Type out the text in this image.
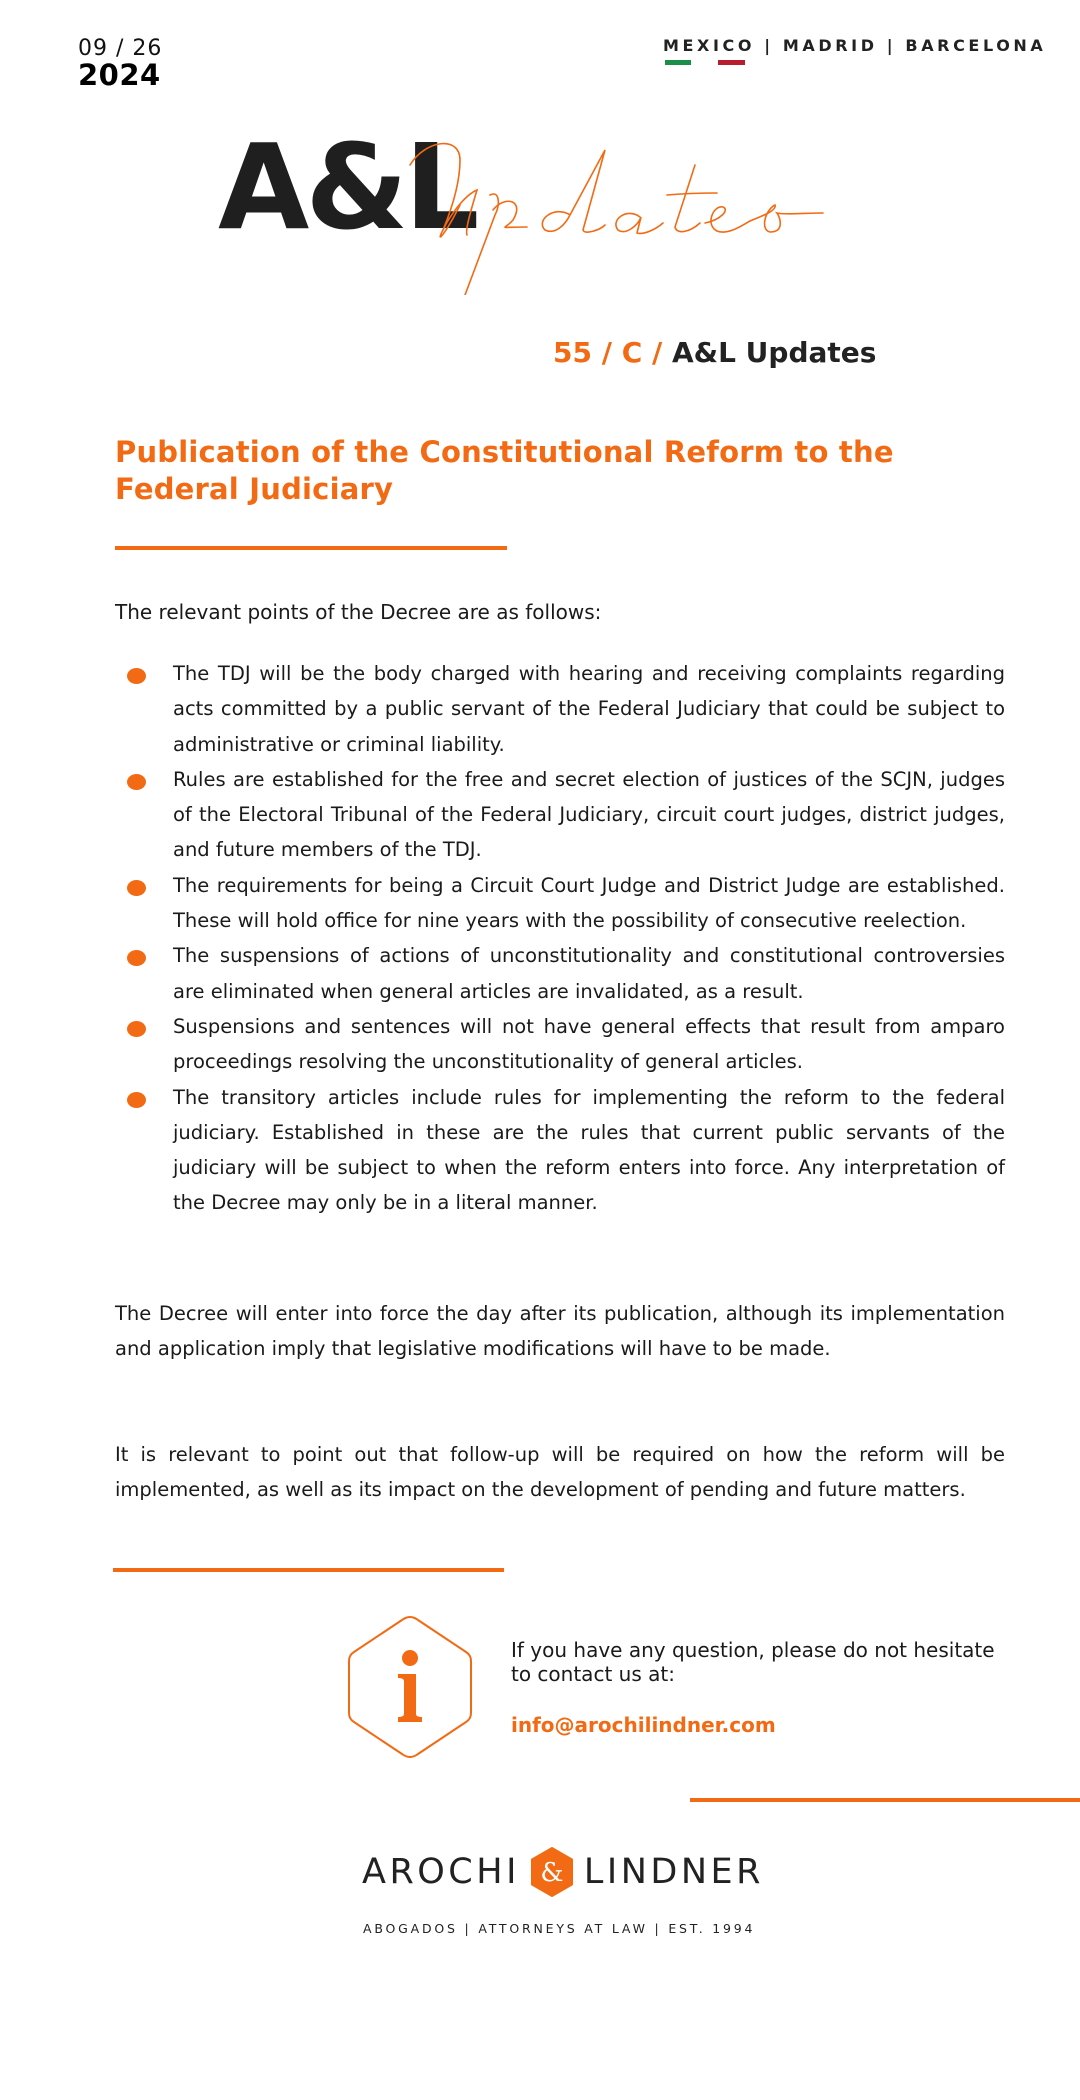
09 / 26
2024
MEXICO | MADRID | BARCELONA
A&L
55 / C / A&L Updates
Publication of the Constitutional Reform to the Federal Judiciary

The relevant points of the Decree are as follows:

The TDJ will be the body charged with hearing and receiving complaints regarding acts committed by a public servant of the Federal Judiciary that could be subject to administrative or criminal liability.
Rules are established for the free and secret election of justices of the SCJN, judges of the Electoral Tribunal of the Federal Judiciary, circuit court judges, district judges, and future members of the TDJ.
The requirements for being a Circuit Court Judge and District Judge are established. These will hold office for nine years with the possibility of consecutive reelection.
The suspensions of actions of unconstitutionality and constitutional controversies are eliminated when general articles are invalidated, as a result.
Suspensions and sentences will not have general effects that result from amparo proceedings resolving the unconstitutionality of general articles.
The transitory articles include rules for implementing the reform to the federal judiciary. Established in these are the rules that current public servants of the judiciary will be subject to when the reform enters into force. Any interpretation of the Decree may only be in a literal manner.

The Decree will enter into force the day after its publication, although its implementation and application imply that legislative modifications will have to be made.

It is relevant to point out that follow-up will be required on how the reform will be implemented, as well as its impact on the development of pending and future matters.

If you have any question, please do not hesitate to contact us at:

info@arochilindner.com
AROCHI & LINDNER
ABOGADOS | ATTORNEYS AT LAW | EST. 1994
